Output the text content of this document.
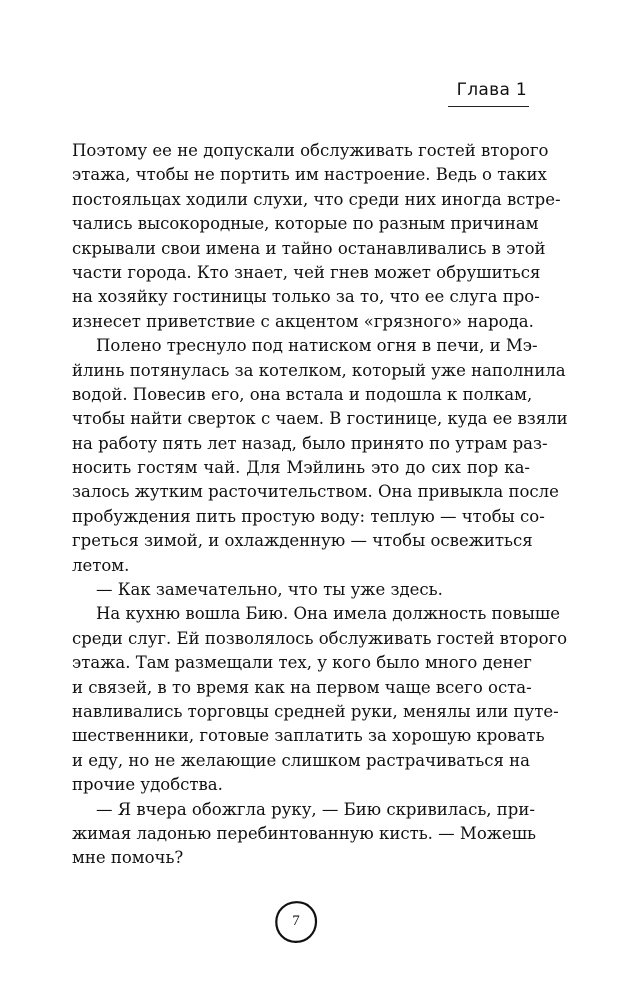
Глава 1
Поэтому ее не допускали обслуживать гостей второго
этажа, чтобы не портить им настроение. Ведь о таких
постояльцах ходили слухи, что среди них иногда встре-
чались высокородные, которые по разным причинам
скрывали свои имена и тайно останавливались в этой
части города. Кто знает, чей гнев может обрушиться
на хозяйку гостиницы только за то, что ее слуга про-
изнесет приветствие с акцентом «грязного» народа.
Полено треснуло под натиском огня в печи, и Мэ-
йлинь потянулась за котелком, который уже наполнила
водой. Повесив его, она встала и подошла к полкам,
чтобы найти сверток с чаем. В гостинице, куда ее взяли
на работу пять лет назад, было принято по утрам раз-
носить гостям чай. Для Мэйлинь это до сих пор ка-
залось жутким расточительством. Она привыкла после
пробуждения пить простую воду: теплую — чтобы со-
греться зимой, и охлажденную — чтобы освежиться
летом.
— Как замечательно, что ты уже здесь.
На кухню вошла Бию. Она имела должность повыше
среди слуг. Ей позволялось обслуживать гостей второго
этажа. Там размещали тех, у кого было много денег
и связей, в то время как на первом чаще всего оста-
навливались торговцы средней руки, менялы или путе-
шественники, готовые заплатить за хорошую кровать
и еду, но не желающие слишком растрачиваться на
прочие удобства.
— Я вчера обожгла руку, — Бию скривилась, при-
жимая ладонью перебинтованную кисть. — Можешь
мне помочь?
7
